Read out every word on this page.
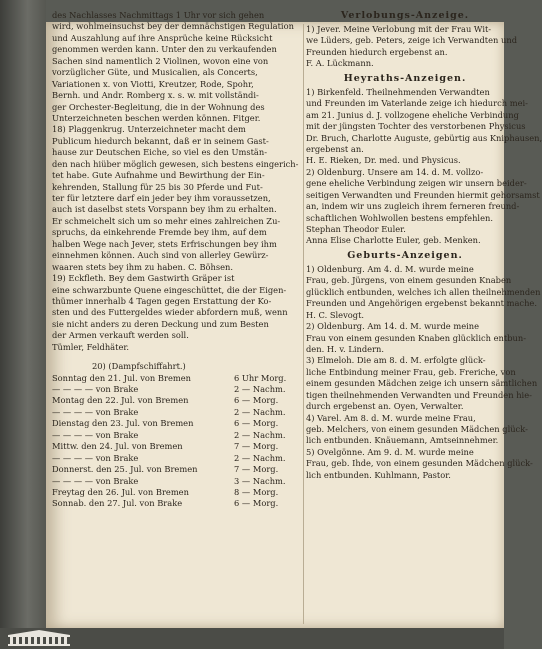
des Nachlasses Nachmittags 1 Uhr vor sich gehen
wird, wohlmeinsuchst bey der demnächstigen Regulation
und Auszahlung auf ihre Ansprüche keine Rücksicht
genommen werden kann. Unter den zu verkaufenden
Sachen sind namentlich 2 Violinen, wovon eine von
vorzüglicher Güte, und Musicalien, als Concerts,
Variationen x. von Viotti, Kreutzer, Rode, Spohr,
Bernh. und Andr. Romberg x. s. w. mit vollständi-
ger Orchester-Begleitung, die in der Wohnung des
Unterzeichneten beschen werden können. Fitger.
18) Plaggenkrug. Unterzeichneter macht dem
Publicum hiedurch bekannt, daß er in seinem Gast-
hause zur Deutschen Eiche, so viel es den Umstän-
den nach hiüber möglich gewesen, sich bestens eingerich-
tet habe. Gute Aufnahme und Bewirthung der Ein-
kehrenden, Stallung für 25 bis 30 Pferde und Fut-
ter für letztere darf ein jeder bey ihm voraussetzen,
auch ist daselbst stets Vorspann bey ihm zu erhalten.
Er schmeichelt sich um so mehr eines zahlreichen Zu-
spruchs, da einkehrende Fremde bey ihm, auf dem
halben Wege nach Jever, stets Erfrischungen bey ihm
einnehmen können. Auch sind von allerley Gewürz-
waaren stets bey ihm zu haben. C. Böhsen.
19) Eckfleth. Bey dem Gastwirth Gräper ist
eine schwarzbunte Quene eingeschüttet, die der Eigen-
thümer innerhalb 4 Tagen gegen Erstattung der Ko-
sten und des Futtergeldes wieder abfordern muß, wenn
sie nicht anders zu deren Deckung und zum Besten
der Armen verkauft werden soll.
Tümler, Feldhäter.
20) (Dampfschiffahrt.)
Sonntag den 21. Jul. von Bremen	6 Uhr Morg.
— — — — von Brake	2 — Nachm.
Montag den 22. Jul. von Bremen	6 — Morg.
— — — — von Brake	2 — Nachm.
Dienstag den 23. Jul. von Bremen	6 — Morg.
— — — — von Brake	2 — Nachm.
Mittw. den 24. Jul. von Bremen	7 — Morg.
— — — — von Brake	2 — Nachm.
Donnerst. den 25. Jul. von Bremen	7 — Morg.
— — — — von Brake	3 — Nachm.
Freytag den 26. Jul. von Bremen	8 — Morg.
Sonnab. den 27. Jul. von Brake	6 — Morg.
Verlobungs-Anzeige.
1) Jever. Meine Verlobung mit der Frau Wit-
we Lüders, geb. Peters, zeige ich Verwandten und
Freunden hiedurch ergebenst an.
F. A. Lückmann.
Heyraths-Anzeigen.
1) Birkenfeld. Theilnehmenden Verwandten
und Freunden im Vaterlande zeige ich hiedurch mei-
am 21. Junius d. J. vollzogene eheliche Verbindung
mit der jüngsten Tochter des verstorbenen Physicus
Dr. Bruch, Charlotte Auguste, gebürtig aus Kniphausen,
ergebenst an.
H. E. Rieken, Dr. med. und Physicus.
2) Oldenburg. Unsere am 14. d. M. vollzo-
gene eheliche Verbindung zeigen wir unsern beider-
seitigen Verwandten und Freunden hiermit gehorsamst
an, indem wir uns zugleich ihrem ferneren freund-
schaftlichen Wohlwollen bestens empfehlen.
Stephan Theodor Euler.
Anna Elise Charlotte Euler, geb. Menken.
Geburts-Anzeigen.
1) Oldenburg. Am 4. d. M. wurde meine
Frau, geb. Jürgens, von einem gesunden Knaben
glücklich entbunden, welches ich allen theilnehmenden
Freunden und Angehörigen ergebenst bekannt mache.
H. C. Slevogt.
2) Oldenburg. Am 14. d. M. wurde meine
Frau von einem gesunden Knaben glücklich entbun-
den. H. v. Lindern.
3) Elmeloh. Die am 8. d. M. erfolgte glück-
liche Entbindung meiner Frau, geb. Freriche, von
einem gesunden Mädchen zeige ich unsern sämtlichen
tigen theilnehmenden Verwandten und Freunden hie-
durch ergebenst an. Oyen, Verwalter.
4) Varel. Am 8. d. M. wurde meine Frau,
geb. Melchers, von einem gesunden Mädchen glück-
lich entbunden. Knäuemann, Amtseinnehmer.
5) Ovelgönne. Am 9. d. M. wurde meine
Frau, geb. Ihde, von einem gesunden Mädchen glück-
lich entbunden. Kuhlmann, Pastor.
